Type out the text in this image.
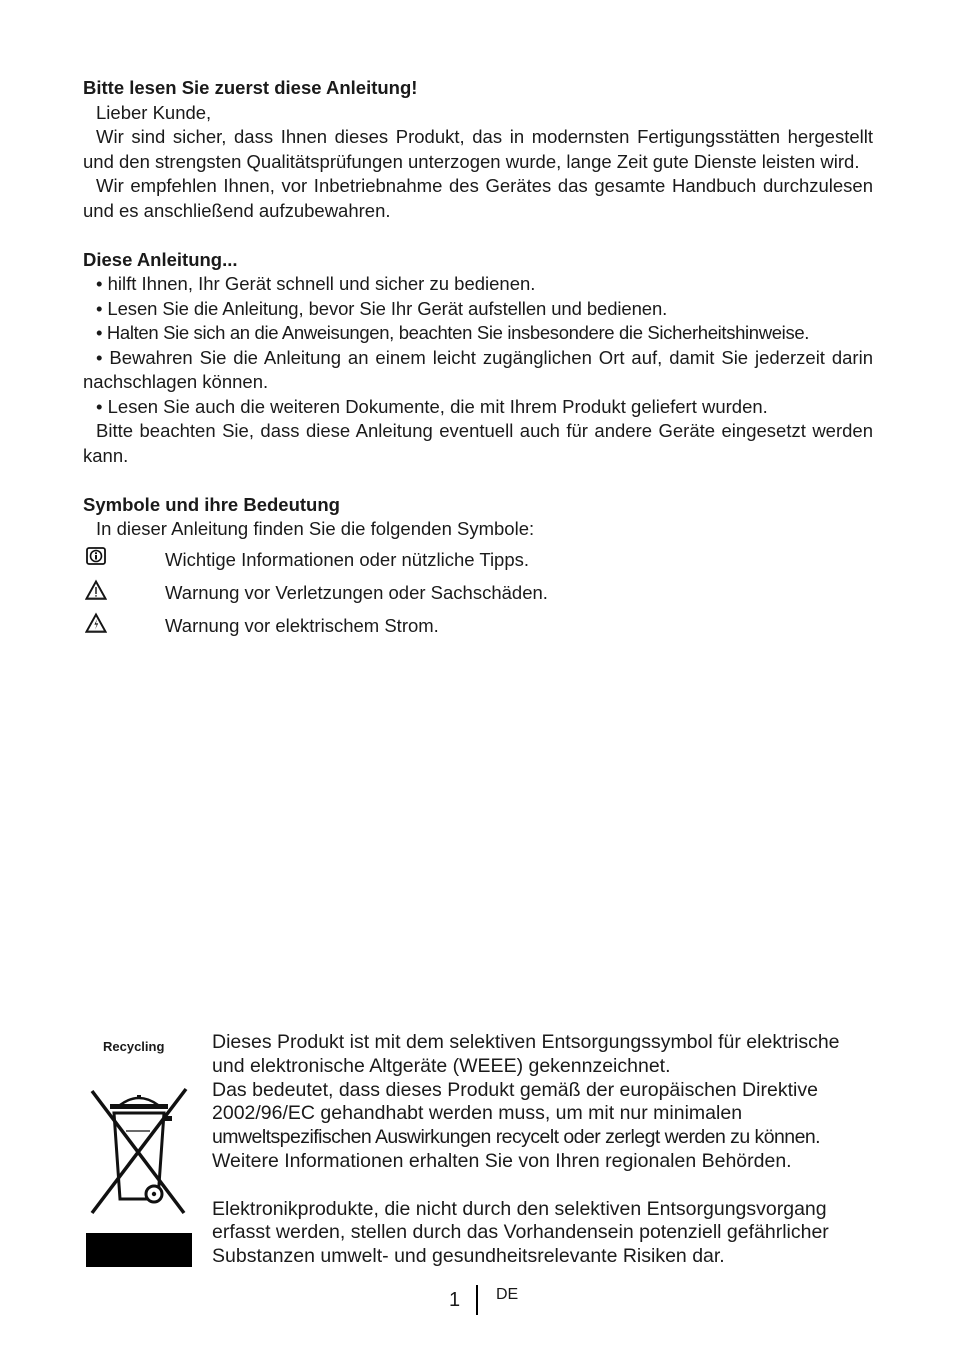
Bitte lesen Sie zuerst diese Anleitung!

Lieber Kunde,

Wir sind sicher, dass Ihnen dieses Produkt, das in modernsten Fertigungsstätten hergestellt und den strengsten Qualitätsprüfungen unterzogen wurde, lange Zeit gute Dienste leisten wird.

Wir empfehlen Ihnen, vor Inbetriebnahme des Gerätes das gesamte Handbuch durchzulesen und es anschließend aufzubewahren.

Diese Anleitung...

• hilft Ihnen, Ihr Gerät schnell und sicher zu bedienen.

• Lesen Sie die Anleitung, bevor Sie Ihr Gerät aufstellen und bedienen.

• Halten Sie sich an die Anweisungen, beachten Sie insbesondere die Sicherheitshinweise.

• Bewahren Sie die Anleitung an einem leicht zugänglichen Ort auf, damit Sie jederzeit darin nachschlagen können.

• Lesen Sie auch die weiteren Dokumente, die mit Ihrem Produkt geliefert wurden.

Bitte beachten Sie, dass diese Anleitung eventuell auch für andere Geräte eingesetzt werden kann.

Symbole und ihre Bedeutung

In dieser Anleitung finden Sie die folgenden Symbole:

Wichtige Informationen oder nützliche Tipps.
Warnung vor Verletzungen oder Sachschäden.
Warnung vor elektrischem Strom.
Recycling Dieses Produkt ist mit dem selektiven Entsorgungssymbol für elektrische

und elektronische Altgeräte (WEEE) gekennzeichnet.

Das bedeutet, dass dieses Produkt gemäß der europäischen Direktive

2002/96/EC gehandhabt werden muss, um mit nur minimalen

umweltspezifischen Auswirkungen recycelt oder zerlegt werden zu können.

Weitere Informationen erhalten Sie von Ihren regionalen Behörden.

Elektronikprodukte, die nicht durch den selektiven Entsorgungsvorgang

erfasst werden, stellen durch das Vorhandensein potenziell gefährlicher

Substanzen umwelt- und gesundheitsrelevante Risiken dar.

1 DE
